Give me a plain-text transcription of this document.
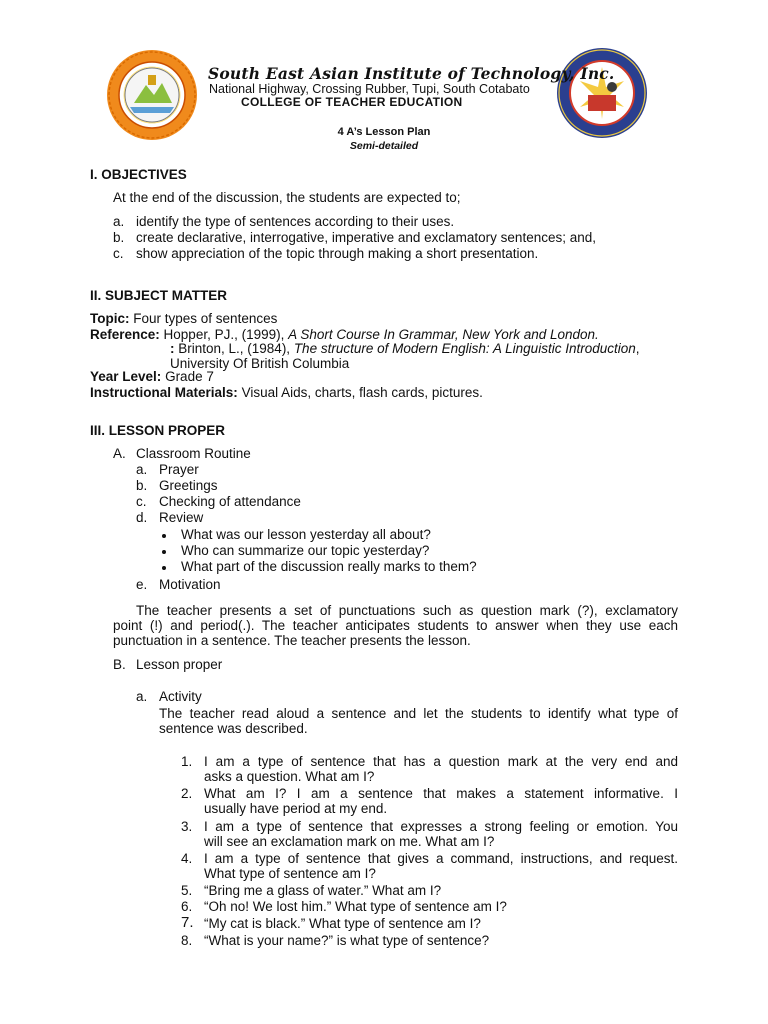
South East Asian Institute of Technology, Inc.
National Highway, Crossing Rubber, Tupi, South Cotabato
COLLEGE OF TEACHER EDUCATION
4 A’s Lesson Plan
Semi-detailed
I. OBJECTIVES
At the end of the discussion, the students are expected to;
a. identify the type of sentences according to their uses.
b. create declarative, interrogative, imperative and exclamatory sentences; and,
c. show appreciation of the topic through making a short presentation.
II. SUBJECT MATTER
Topic: Four types of sentences
Reference: Hopper, PJ., (1999), A Short Course In Grammar, New York and London.
: Brinton, L., (1984), The structure of Modern English: A Linguistic Introduction,
University Of British Columbia
Year Level: Grade 7
Instructional Materials: Visual Aids, charts, flash cards, pictures.
III. LESSON PROPER
A. Classroom Routine
a. Prayer
b. Greetings
c. Checking of attendance
d. Review
What was our lesson yesterday all about?
Who can summarize our topic yesterday?
What part of the discussion really marks to them?
e. Motivation
The teacher presents a set of punctuations such as question mark (?), exclamatory
point (!) and period(.). The teacher anticipates students to answer when they use each
punctuation in a sentence. The teacher presents the lesson.
B. Lesson proper
a. Activity
The teacher read aloud a sentence and let the students to identify what type of
sentence was described.
1. I am a type of sentence that has a question mark at the very end and
asks a question. What am I?
2. What am I? I am a sentence that makes a statement informative. I
usually have period at my end.
3. I am a type of sentence that expresses a strong feeling or emotion. You
will see an exclamation mark on me. What am I?
4. I am a type of sentence that gives a command, instructions, and request.
What type of sentence am I?
5. “Bring me a glass of water.” What am I?
6. “Oh no! We lost him.” What type of sentence am I?
7. “My cat is black.” What type of sentence am I?
8. “What is your name?” is what type of sentence?
